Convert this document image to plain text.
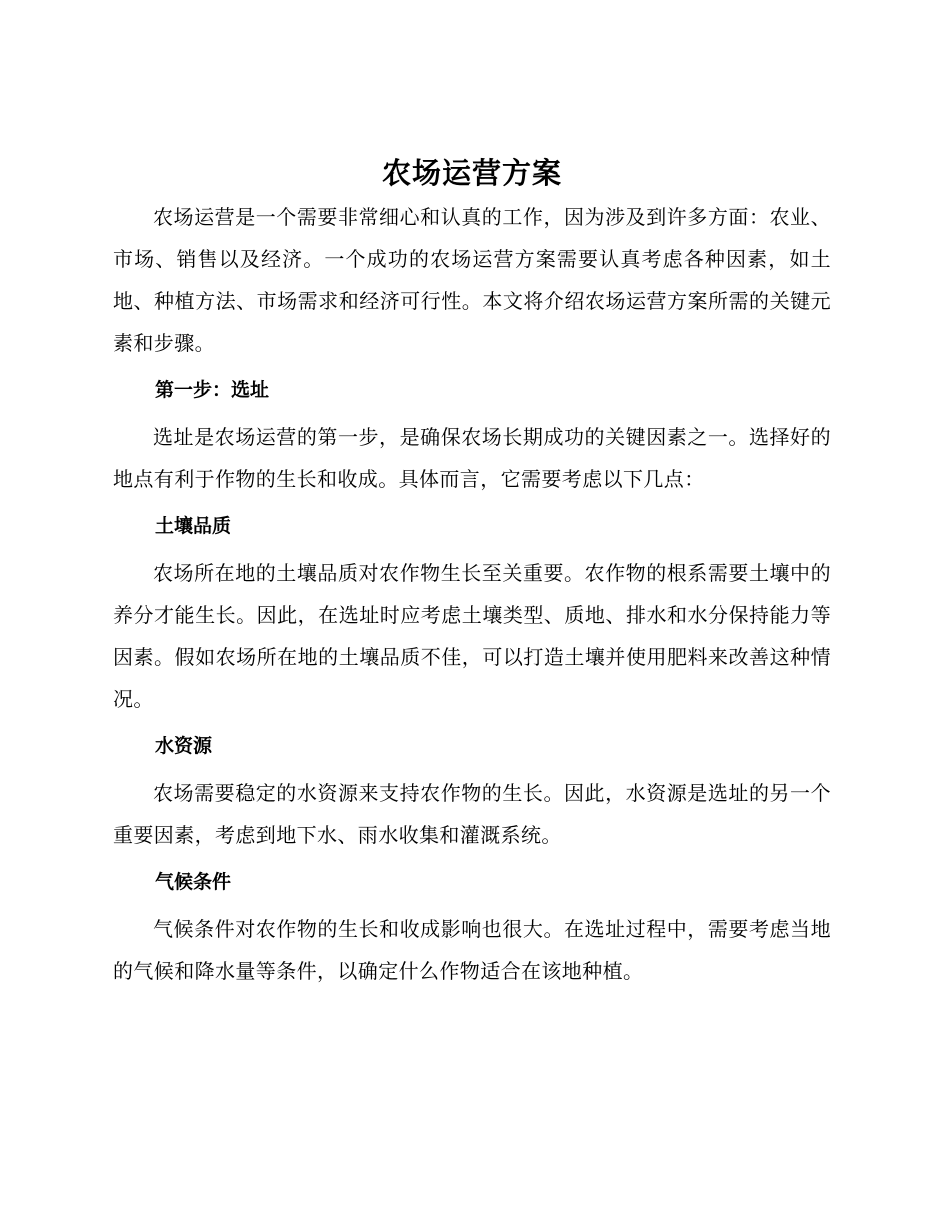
农场运营方案

农场运营是一个需要非常细心和认真的工作，因为涉及到许多方面：农业、市场、销售以及经济。一个成功的农场运营方案需要认真考虑各种因素，如土地、种植方法、市场需求和经济可行性。本文将介绍农场运营方案所需的关键元素和步骤。

第一步：选址

选址是农场运营的第一步，是确保农场长期成功的关键因素之一。选择好的地点有利于作物的生长和收成。具体而言，它需要考虑以下几点：

土壤品质

农场所在地的土壤品质对农作物生长至关重要。农作物的根系需要土壤中的养分才能生长。因此，在选址时应考虑土壤类型、质地、排水和水分保持能力等因素。假如农场所在地的土壤品质不佳，可以打造土壤并使用肥料来改善这种情况。

水资源

农场需要稳定的水资源来支持农作物的生长。因此，水资源是选址的另一个重要因素，考虑到地下水、雨水收集和灌溉系统。

气候条件

气候条件对农作物的生长和收成影响也很大。在选址过程中，需要考虑当地的气候和降水量等条件，以确定什么作物适合在该地种植。
